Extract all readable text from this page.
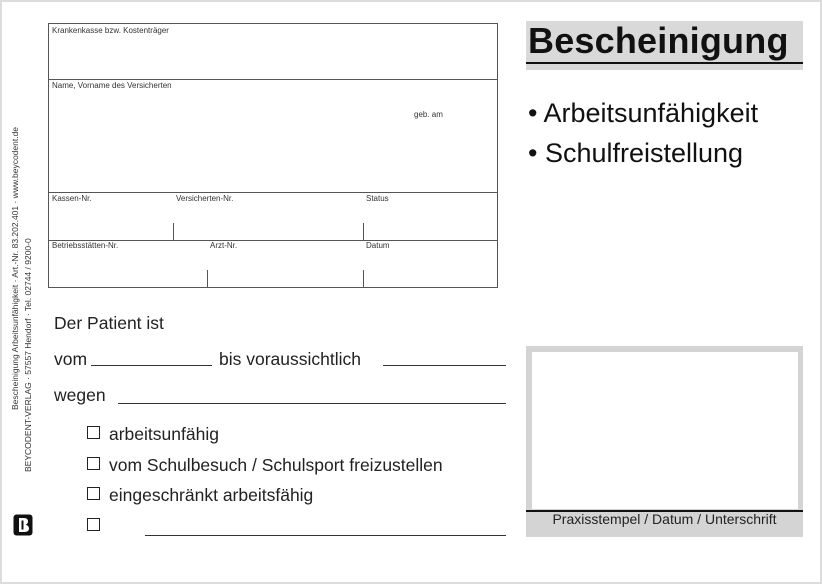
Krankenkasse bzw. Kostenträger
Name, Vorname des Versicherten
geb. am
Kassen-Nr.	Versicherten-Nr.	Status
Betriebsstätten-Nr.	Arzt-Nr.	Datum
Bescheinigung Arbeitsunfähigkeit · Art.-Nr. 83.202.401 · www.beycodent.de BEYCODENT-VERLAG · 57557 Hendorf · Tel. 02744 / 9200-0
Bescheinigung
• Arbeitsunfähigkeit
• Schulfreistellung
Der Patient ist
vom	bis voraussichtlich
wegen
arbeitsunfähig
vom Schulbesuch / Schulsport freizustellen
eingeschränkt arbeitsfähig
Praxisstempel / Datum / Unterschrift
